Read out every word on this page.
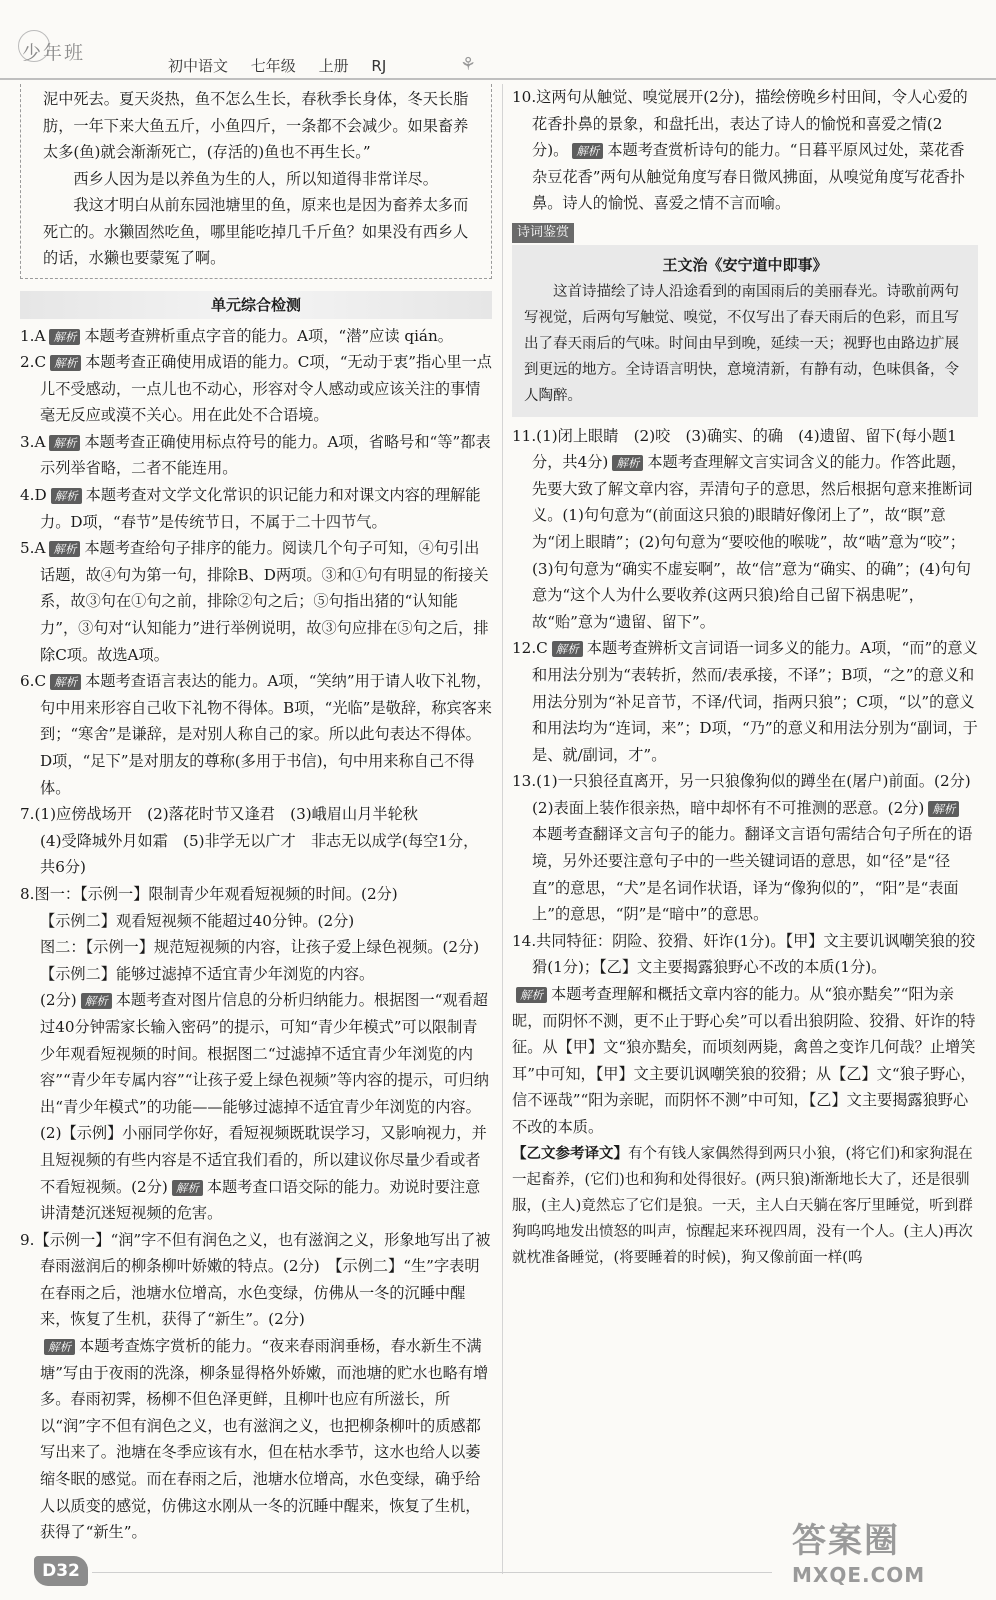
少年班
初中语文 七年级 上册 RJ	⚘

泥中死去。夏天炎热，鱼不怎么生长，春秋季长身体，冬天长脂肪，一年下来大鱼五斤，小鱼四斤，一条都不会减少。如果畜养太多(鱼)就会渐渐死亡，(存活的)鱼也不再生长。”

西乡人因为是以养鱼为生的人，所以知道得非常详尽。

我这才明白从前东园池塘里的鱼，原来也是因为畜养太多而死亡的。水獭固然吃鱼，哪里能吃掉几千斤鱼？如果没有西乡人的话，水獭也要蒙冤了啊。

单元综合检测

1.A 解析 本题考查辨析重点字音的能力。A项，“潜”应读 qián。

2.C 解析 本题考查正确使用成语的能力。C项，“无动于衷”指心里一点儿不受感动，一点儿也不动心，形容对令人感动或应该关注的事情毫无反应或漠不关心。用在此处不合语境。

3.A 解析 本题考查正确使用标点符号的能力。A项，省略号和“等”都表示列举省略，二者不能连用。

4.D 解析 本题考查对文学文化常识的识记能力和对课文内容的理解能力。D项，“春节”是传统节日，不属于二十四节气。

5.A 解析 本题考查给句子排序的能力。阅读几个句子可知，④句引出话题，故④句为第一句，排除B、D两项。③和①句有明显的衔接关系，故③句在①句之前，排除②句之后；⑤句指出猪的“认知能力”，③句对“认知能力”进行举例说明，故③句应排在⑤句之后，排除C项。故选A项。

6.C 解析 本题考查语言表达的能力。A项，“笑纳”用于请人收下礼物，句中用来形容自己收下礼物不得体。B项，“光临”是敬辞，称宾客来到；“寒舍”是谦辞，是对别人称自己的家。所以此句表达不得体。D项，“足下”是对朋友的尊称(多用于书信)，句中用来称自己不得体。

7.(1)应傍战场开　(2)落花时节又逢君　(3)峨眉山月半轮秋

(4)受降城外月如霜　(5)非学无以广才　非志无以成学(每空1分，共6分)

8.图一：【示例一】限制青少年观看短视频的时间。(2分)

【示例二】观看短视频不能超过40分钟。(2分)

图二：【示例一】规范短视频的内容，让孩子爱上绿色视频。(2分)　【示例二】能够过滤掉不适宜青少年浏览的内容。

(2分) 解析 本题考查对图片信息的分析归纳能力。根据图一“观看超过40分钟需家长输入密码”的提示，可知“青少年模式”可以限制青少年观看短视频的时间。根据图二“过滤掉不适宜青少年浏览的内容”“青少年专属内容”“让孩子爱上绿色视频”等内容的提示，可归纳出“青少年模式”的功能——能够过滤掉不适宜青少年浏览的内容。

(2)【示例】小丽同学你好，看短视频既耽误学习，又影响视力，并且短视频的有些内容是不适宜我们看的，所以建议你尽量少看或者不看短视频。(2分) 解析 本题考查口语交际的能力。劝说时要注意讲清楚沉迷短视频的危害。

9.【示例一】“润”字不但有润色之义，也有滋润之义，形象地写出了被春雨滋润后的柳条柳叶娇嫩的特点。(2分)　【示例二】“生”字表明在春雨之后，池塘水位增高，水色变绿，仿佛从一冬的沉睡中醒来，恢复了生机，获得了“新生”。(2分)

解析 本题考查炼字赏析的能力。“夜来春雨润垂杨，春水新生不满塘”写由于夜雨的洗涤，柳条显得格外娇嫩，而池塘的贮水也略有增多。春雨初霁，杨柳不但色泽更鲜，且柳叶也应有所滋长，所以“润”字不但有润色之义，也有滋润之义，也把柳条柳叶的质感都写出来了。池塘在冬季应该有水，但在枯水季节，这水也给人以萎缩冬眠的感觉。而在春雨之后，池塘水位增高，水色变绿，确乎给人以质变的感觉，仿佛这水刚从一冬的沉睡中醒来，恢复了生机，获得了“新生”。

10.这两句从触觉、嗅觉展开(2分)，描绘傍晚乡村田间，令人心爱的花香扑鼻的景象，和盘托出，表达了诗人的愉悦和喜爱之情(2分)。 解析 本题考查赏析诗句的能力。“日暮平原风过处，菜花香杂豆花香”两句从触觉角度写春日微风拂面，从嗅觉角度写花香扑鼻。诗人的愉悦、喜爱之情不言而喻。

诗词鉴赏
王文治《安宁道中即事》

这首诗描绘了诗人沿途看到的南国雨后的美丽春光。诗歌前两句写视觉，后两句写触觉、嗅觉，不仅写出了春天雨后的色彩，而且写出了春天雨后的气味。时间由早到晚，延续一天；视野也由路边扩展到更远的地方。全诗语言明快，意境清新，有静有动，色味俱备，令人陶醉。

11.(1)闭上眼睛　(2)咬　(3)确实、的确　(4)遗留、留下(每小题1分，共4分) 解析 本题考查理解文言实词含义的能力。作答此题，先要大致了解文章内容，弄清句子的意思，然后根据句意来推断词义。(1)句句意为“(前面这只狼的)眼睛好像闭上了”，故“瞑”意为“闭上眼睛”；(2)句句意为“要咬他的喉咙”，故“啮”意为“咬”；(3)句句意为“确实不虚妄啊”，故“信”意为“确实、的确”；(4)句句意为“这个人为什么要收养(这两只狼)给自己留下祸患呢”，故“贻”意为“遗留、留下”。

12.C 解析 本题考查辨析文言词语一词多义的能力。A项，“而”的意义和用法分别为“表转折，然而/表承接，不译”；B项，“之”的意义和用法分别为“补足音节，不译/代词，指两只狼”；C项，“以”的意义和用法均为“连词，来”；D项，“乃”的意义和用法分别为“副词，于是、就/副词，才”。

13.(1)一只狼径直离开，另一只狼像狗似的蹲坐在(屠户)前面。(2分)　(2)表面上装作很亲热，暗中却怀有不可推测的恶意。(2分) 解析本题考查翻译文言句子的能力。翻译文言语句需结合句子所在的语境，另外还要注意句子中的一些关键词语的意思，如“径”是“径直”的意思，“犬”是名词作状语，译为“像狗似的”，“阳”是“表面上”的意思，“阴”是“暗中”的意思。

14.共同特征：阴险、狡猾、奸诈(1分)。【甲】文主要讥讽嘲笑狼的狡猾(1分)；【乙】文主要揭露狼野心不改的本质(1分)。

解析 本题考查理解和概括文章内容的能力。从“狼亦黠矣”“阳为亲昵，而阴怀不测，更不止于野心矣”可以看出狼阴险、狡猾、奸诈的特征。从【甲】文“狼亦黠矣，而顷刻两毙，禽兽之变诈几何哉？止增笑耳”中可知，【甲】文主要讥讽嘲笑狼的狡猾；从【乙】文“狼子野心，信不诬哉”“阳为亲昵，而阴怀不测”中可知，【乙】文主要揭露狼野心不改的本质。

【乙文参考译文】有个有钱人家偶然得到两只小狼，(将它们)和家狗混在一起畜养，(它们)也和狗和处得很好。(两只狼)渐渐地长大了，还是很驯服，(主人)竟然忘了它们是狼。一天，主人白天躺在客厅里睡觉，听到群狗呜呜地发出愤怒的叫声，惊醒起来环视四周，没有一个人。(主人)再次就枕准备睡觉，(将要睡着的时候)，狗又像前面一样(呜

D32
答案圈
MXQE.COM
